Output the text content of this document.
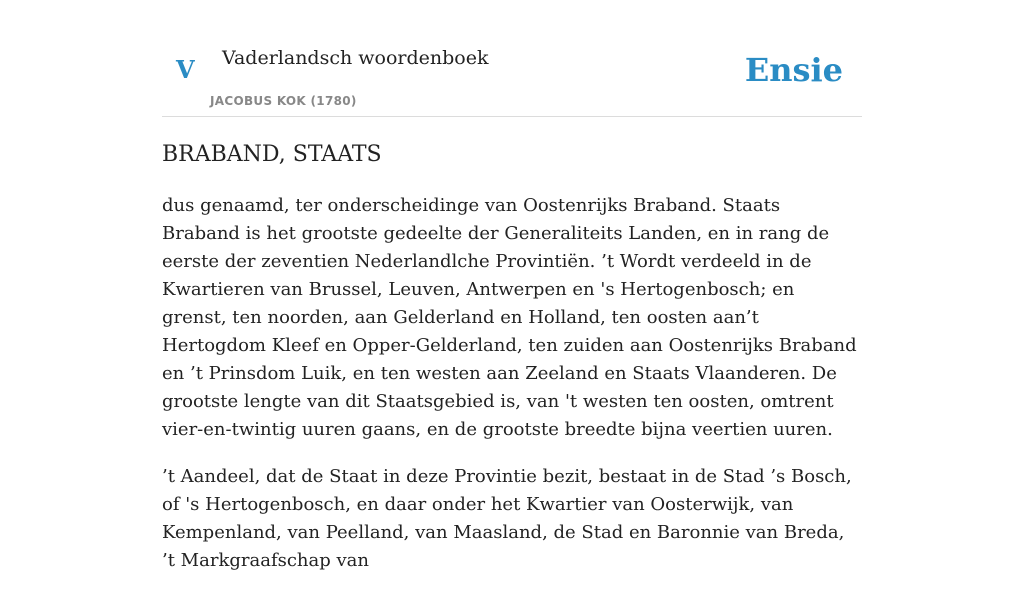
V Vaderlandsch woordenboek
JACOBUS KOK (1780)
Ensie
BRABAND, STAATS

dus genaamd, ter onderscheidinge van Oostenrijks Braband. Staats Braband is het grootste gedeelte der Generaliteits Landen, en in rang de eerste der zeventien Nederlandlche Provintiën. ’t Wordt verdeeld in de Kwartieren van Brussel, Leuven, Antwerpen en 's Hertogenbosch; en grenst, ten noorden, aan Gelderland en Holland, ten oosten aan’t Hertogdom Kleef en Opper-Gelderland, ten zuiden aan Oostenrijks Braband en ’t Prinsdom Luik, en ten westen aan Zeeland en Staats Vlaanderen. De grootste lengte van dit Staatsgebied is, van 't westen ten oosten, omtrent vier-en-twintig uuren gaans, en de grootste breedte bijna veertien uuren.

’t Aandeel, dat de Staat in deze Provintie bezit, bestaat in de Stad ’s Bosch, of 's Hertogenbosch, en daar onder het Kwartier van Oosterwijk, van Kempenland, van Peelland, van Maasland, de Stad en Baronnie van Breda, ’t Markgraafschap van
